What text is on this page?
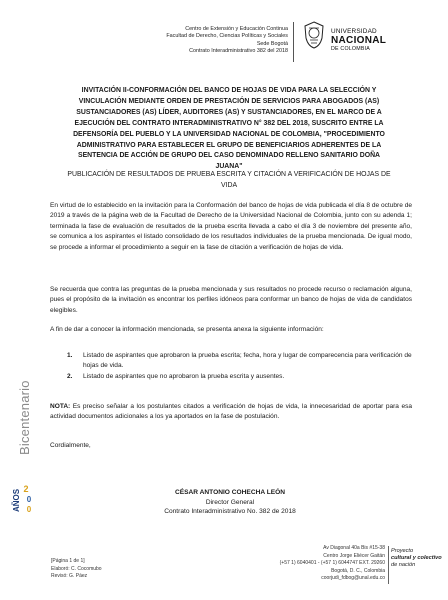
Centro de Extensión y Educación Continua
Facultad de Derecho, Ciencias Políticas y Sociales
Sede Bogotá
Contrato Interadministrativo 382 del 2018
UNIVERSIDAD
NACIONAL
DE COLOMBIA
INVITACIÓN II-CONFORMACIÓN DEL BANCO DE HOJAS DE VIDA PARA LA SELECCIÓN Y VINCULACIÓN MEDIANTE ORDEN DE PRESTACIÓN DE SERVICIOS PARA ABOGADOS (AS) SUSTANCIADORES (AS) LÍDER, AUDITORES (AS) Y SUSTANCIADORES, EN EL MARCO DE A EJECUCIÓN DEL CONTRATO INTERADMINISTRATIVO N° 382 DEL 2018, SUSCRITO ENTRE LA DEFENSORÍA DEL PUEBLO Y LA UNIVERSIDAD NACIONAL DE COLOMBIA, "PROCEDIMIENTO ADMINISTRATIVO PARA ESTABLECER EL GRUPO DE BENEFICIARIOS ADHERENTES DE LA SENTENCIA DE ACCIÓN DE GRUPO DEL CASO DENOMINADO RELLENO SANITARIO DOÑA JUANA"
PUBLICACIÓN DE RESULTADOS DE PRUEBA ESCRITA Y CITACIÓN A VERIFICACIÓN DE HOJAS DE VIDA
En virtud de lo establecido en la invitación para la Conformación del banco de hojas de vida publicada el día 8 de octubre de 2019 a través de la página web de la Facultad de Derecho de la Universidad Nacional de Colombia, junto con su adenda 1; terminada la fase de evaluación de resultados de la prueba escrita llevada a cabo el día 3 de noviembre del presente año, se comunica a los aspirantes el listado consolidado de los resultados individuales de la prueba mencionada. De igual modo, se procede a informar el procedimiento a seguir en la fase de citación a verificación de hojas de vida.
Se recuerda que contra las preguntas de la prueba mencionada y sus resultados no procede recurso o reclamación alguna, pues el propósito de la invitación es encontrar los perfiles idóneos para conformar un banco de hojas de vida de candidatos elegibles.
A fin de dar a conocer la información mencionada, se presenta anexa la siguiente información:
1.	Listado de aspirantes que aprobaron la prueba escrita; fecha, hora y lugar de comparecencia para verificación de hojas de vida.
2.	Listado de aspirantes que no aprobaron la prueba escrita y ausentes.
NOTA: Es preciso señalar a los postulantes citados a verificación de hojas de vida, la innecesaridad de aportar para esa actividad documentos adicionales a los ya aportados en la fase de postulación.
Cordialmente,
CÉSAR ANTONIO COHECHA LEÓN
Director General
Contrato Interadministrativo No. 382 de 2018
Bicentenario
2
AÑOS 0
0
[Página 1 de 1]
Elaboró: C. Cocomubo
Revisó: G. Páez
Av Diagonal 40a Bis #15-38
Centro Jorge Eliécer Gaitán
(+57 1) 6040401 - (+57 1) 6044747 EXT. 29260
Bogotá, D. C., Colombia
coorjudi_fdbog@unal.edu.co
Proyecto
cultural y colectivo
de nación
